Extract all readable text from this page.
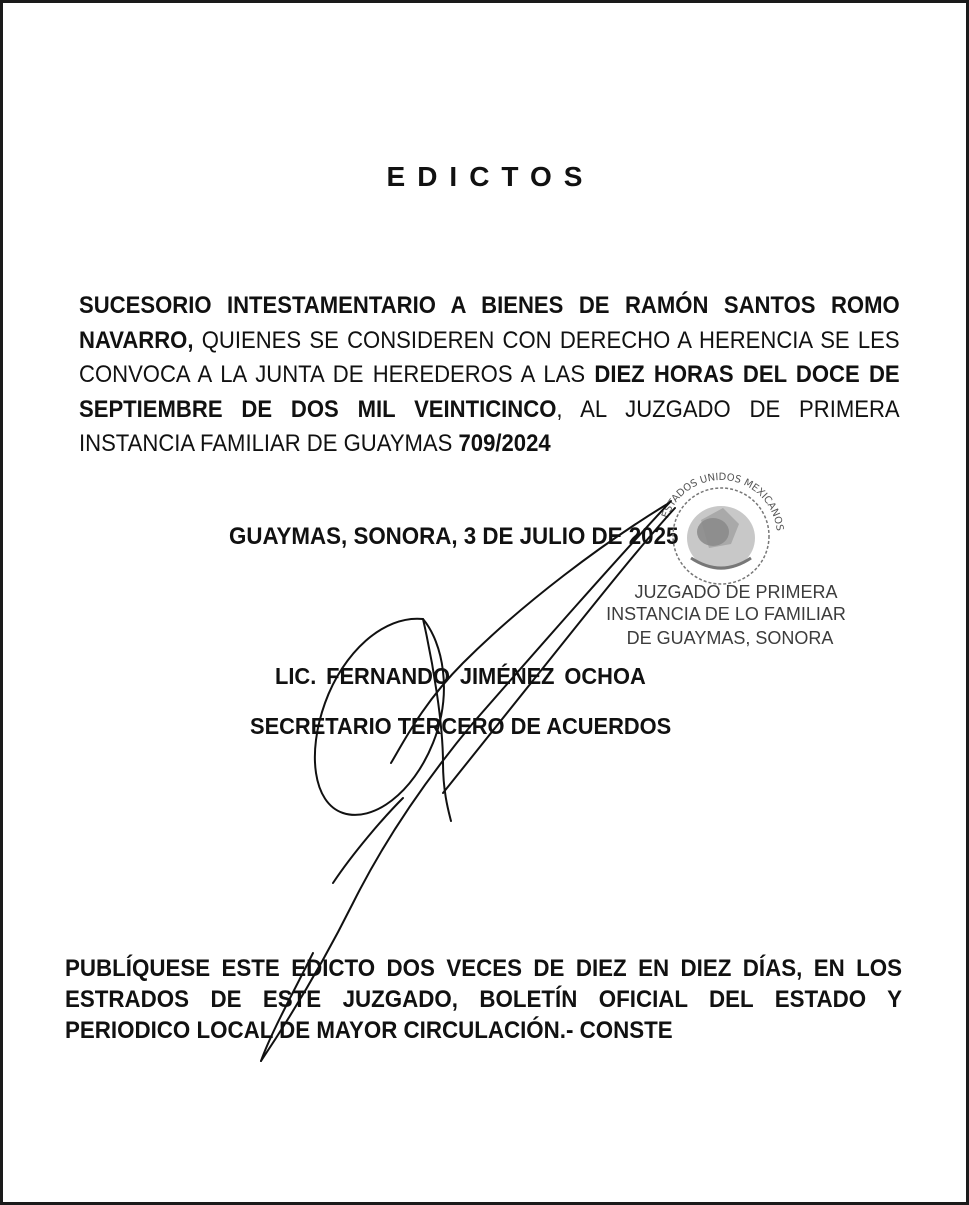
EDICTOS
SUCESORIO INTESTAMENTARIO A BIENES DE RAMÓN SANTOS ROMO NAVARRO, QUIENES SE CONSIDEREN CON DERECHO A HERENCIA SE LES CONVOCA A LA JUNTA DE HEREDEROS A LAS DIEZ HORAS DEL DOCE DE SEPTIEMBRE DE DOS MIL VEINTICINCO, AL JUZGADO DE PRIMERA INSTANCIA FAMILIAR DE GUAYMAS 709/2024
GUAYMAS, SONORA, 3 DE JULIO DE 2025
ESTADOS UNIDOS MEXICANOS
JUZGADO DE PRIMERA
INSTANCIA DE LO FAMILIAR
DE GUAYMAS, SONORA
LIC. FERNANDO JIMÉNEZ OCHOA
SECRETARIO TERCERO DE ACUERDOS
PUBLÍQUESE ESTE EDICTO DOS VECES DE DIEZ EN DIEZ DÍAS, EN LOS ESTRADOS DE ESTE JUZGADO, BOLETÍN OFICIAL DEL ESTADO Y PERIODICO LOCAL DE MAYOR CIRCULACIÓN.- CONSTE
